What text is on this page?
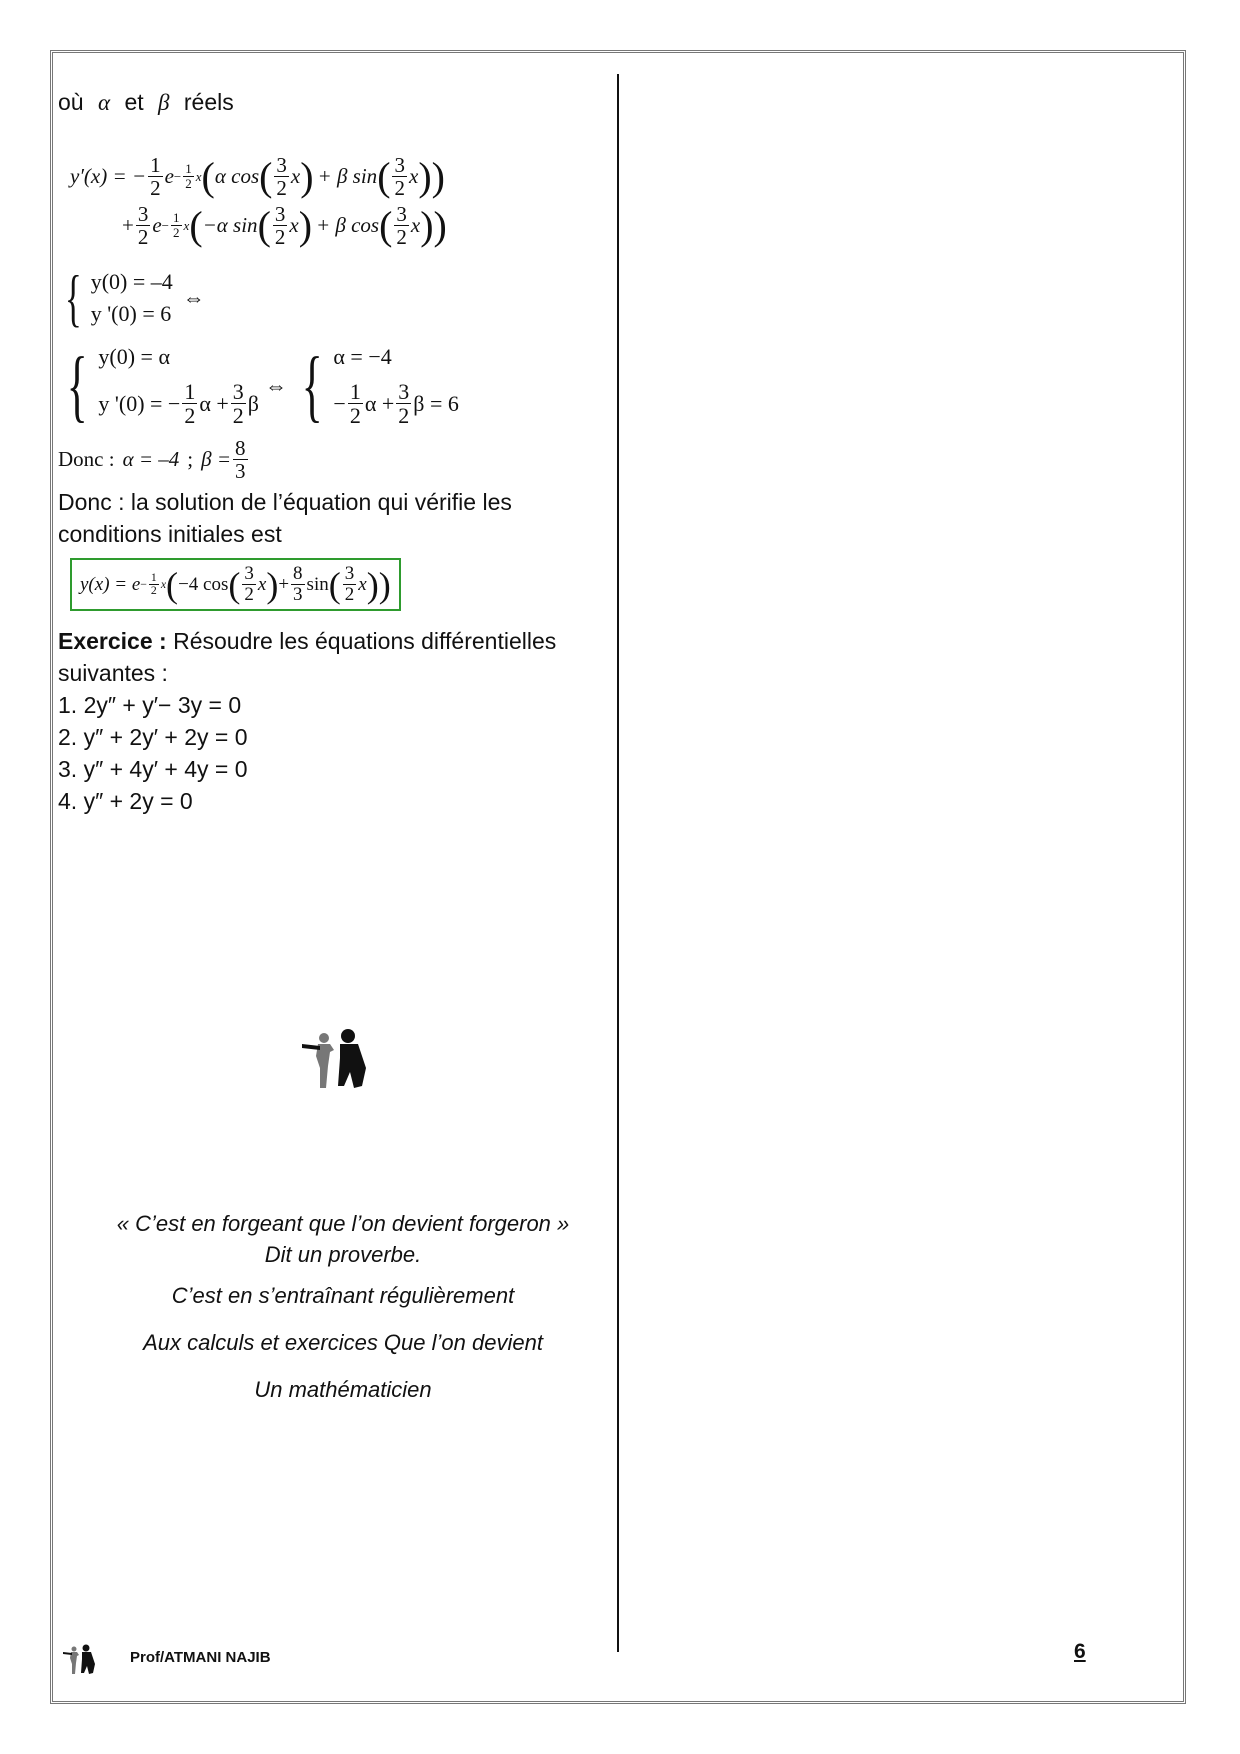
où α et β réels
y′(x) = − $\frac{1}{2}$ $e - \frac{1}{2}$ x ( α cos ( $\frac{3}{2}$ x ) + β sin ( $\frac{3}{2}$ x ) )
+ $\frac{3}{2}$ $e - \frac{1}{2}$ x ( −α sin ( $\frac{3}{2}$ x ) + β cos ( $\frac{3}{2}$ x ) )
{ y(0) = –4
y '(0) = 6
⇔
{ y(0) = α
y '(0) = − $\frac{1}{2}$ $\alpha + \frac{3}{2}$ β
⇔ { α = −4
− $\frac{1}{2}$ $\alpha + \frac{3}{2}$ β = 6
Donc : α = –4 ; $\beta = \frac{8}{3}$
Donc : la solution de l’équation qui vérifie les conditions initiales est
$y(x) = e - \frac{1}{2}$ x ( −4 cos ( $\frac{3}{2}$ x ) + $\frac{8}{3}$ sin ( $\frac{3}{2}$ x ) )
Exercice : Résoudre les équations différentielles suivantes :
1. 2y″ + y′− 3y = 0
2. y″ + 2y′ + 2y = 0
3. y″ + 4y′ + 4y = 0
4. y″ + 2y = 0
« C’est en forgeant que l’on devient forgeron »
Dit un proverbe.
C’est en s’entraînant régulièrement
Aux calculs et exercices Que l’on devient
Un mathématicien
Prof/ATMANI NAJIB	6
